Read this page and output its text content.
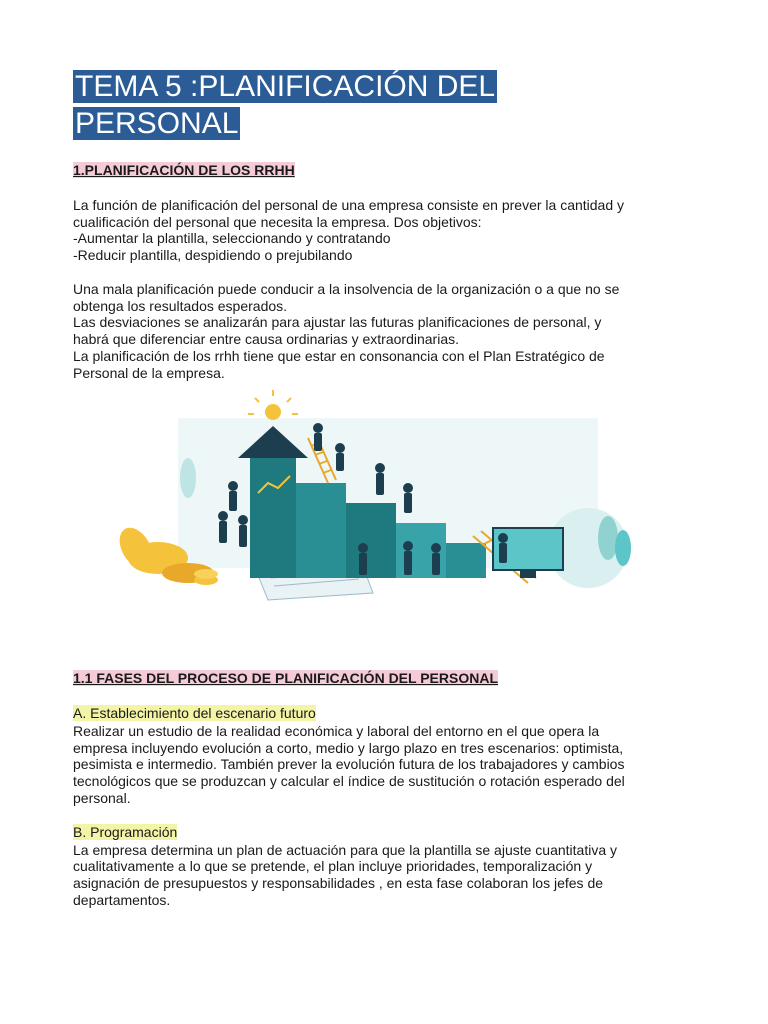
TEMA 5 :PLANIFICACIÓN DEL
PERSONAL
1.PLANIFICACIÓN DE LOS RRHH

La función de planificación del personal de una empresa consiste en prever la cantidad y

cualificación del personal que necesita la empresa. Dos objetivos:

-Aumentar la plantilla, seleccionando y contratando

-Reducir plantilla, despidiendo o prejubilando

Una mala planificación puede conducir a la insolvencia de la organización o a que no se

obtenga los resultados esperados.

Las desviaciones se analizarán para ajustar las futuras planificaciones de personal, y

habrá que diferenciar entre causa ordinarias y extraordinarias.

La planificación de los rrhh tiene que estar en consonancia con el Plan Estratégico de

Personal de la empresa.

1.1 FASES DEL PROCESO DE PLANIFICACIÓN DEL PERSONAL
A. Establecimiento del escenario futuro

Realizar un estudio de la realidad económica y laboral del entorno en el que opera la

empresa incluyendo evolución a corto, medio y largo plazo en tres escenarios: optimista,

pesimista e intermedio. También prever la evolución futura de los trabajadores y cambios

tecnológicos que se produzcan y calcular el índice de sustitución o rotación esperado del

personal.

B. Programación

La empresa determina un plan de actuación para que la plantilla se ajuste cuantitativa y

cualitativamente a lo que se pretende, el plan incluye prioridades, temporalización y

asignación de presupuestos y responsabilidades , en esta fase colaboran los jefes de

departamentos.
